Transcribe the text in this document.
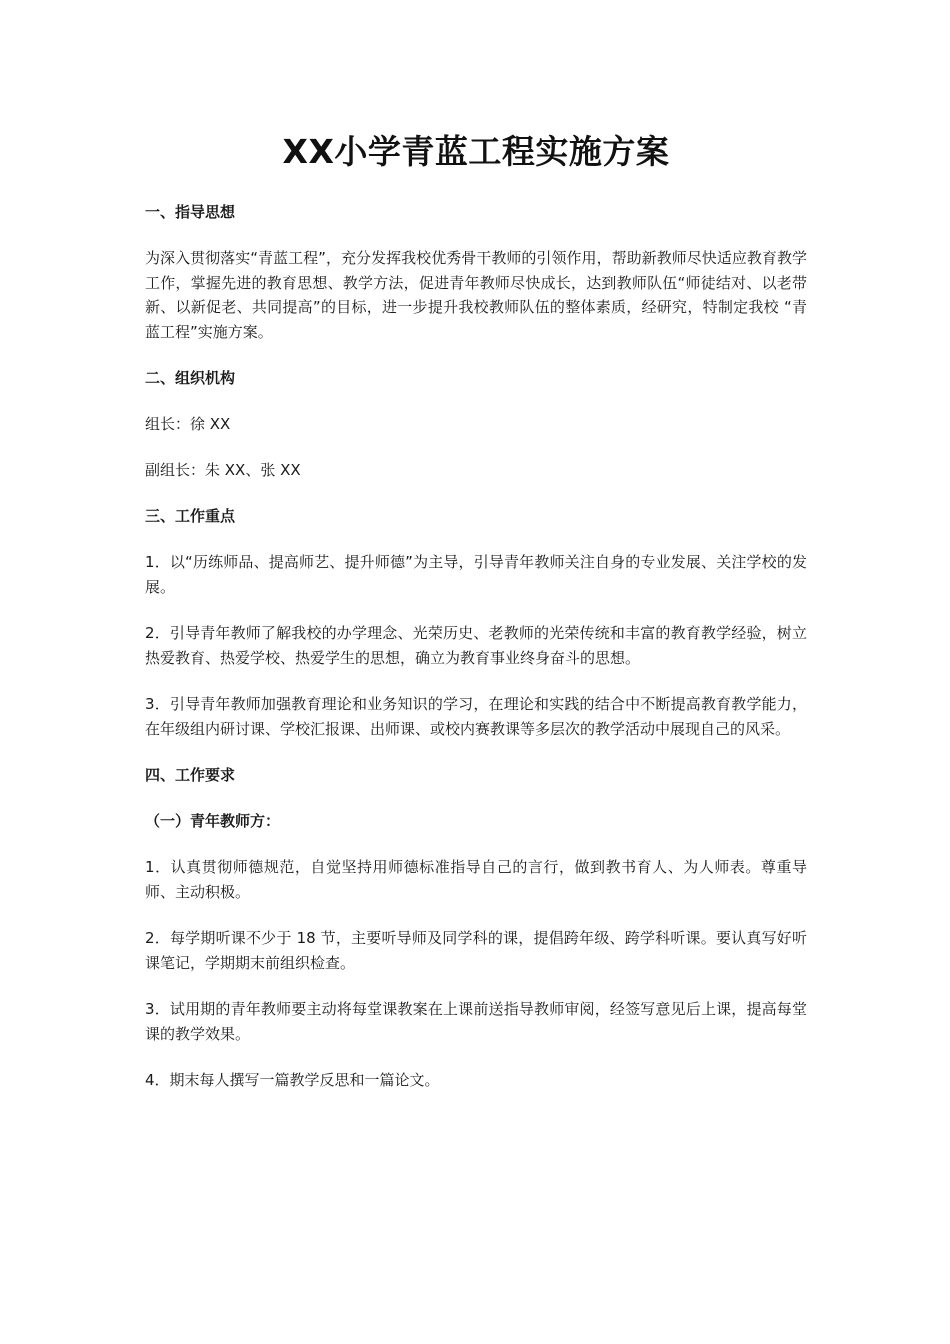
XX小学青蓝工程实施方案
一、指导思想

为深入贯彻落实“青蓝工程”，充分发挥我校优秀骨干教师的引领作用，帮助新教师尽快适应教育教学工作，掌握先进的教育思想、教学方法，促进青年教师尽快成长，达到教师队伍“师徒结对、以老带新、以新促老、共同提高”的目标，进一步提升我校教师队伍的整体素质，经研究，特制定我校 “青蓝工程”实施方案。

二、组织机构
组长：徐 XX
副组长：朱 XX、张 XX
三、工作重点

1．以“历练师品、提高师艺、提升师德”为主导，引导青年教师关注自身的专业发展、关注学校的发展。

2．引导青年教师了解我校的办学理念、光荣历史、老教师的光荣传统和丰富的教育教学经验，树立热爱教育、热爱学校、热爱学生的思想，确立为教育事业终身奋斗的思想。

3．引导青年教师加强教育理论和业务知识的学习，在理论和实践的结合中不断提高教育教学能力，在年级组内研讨课、学校汇报课、出师课、或校内赛教课等多层次的教学活动中展现自己的风采。

四、工作要求
（一）青年教师方：

1．认真贯彻师德规范，自觉坚持用师德标准指导自己的言行，做到教书育人、为人师表。尊重导师、主动积极。

2．每学期听课不少于 18 节，主要听导师及同学科的课，提倡跨年级、跨学科听课。要认真写好听课笔记，学期期末前组织检查。

3．试用期的青年教师要主动将每堂课教案在上课前送指导教师审阅，经签写意见后上课，提高每堂课的教学效果。

4．期末每人撰写一篇教学反思和一篇论文。
